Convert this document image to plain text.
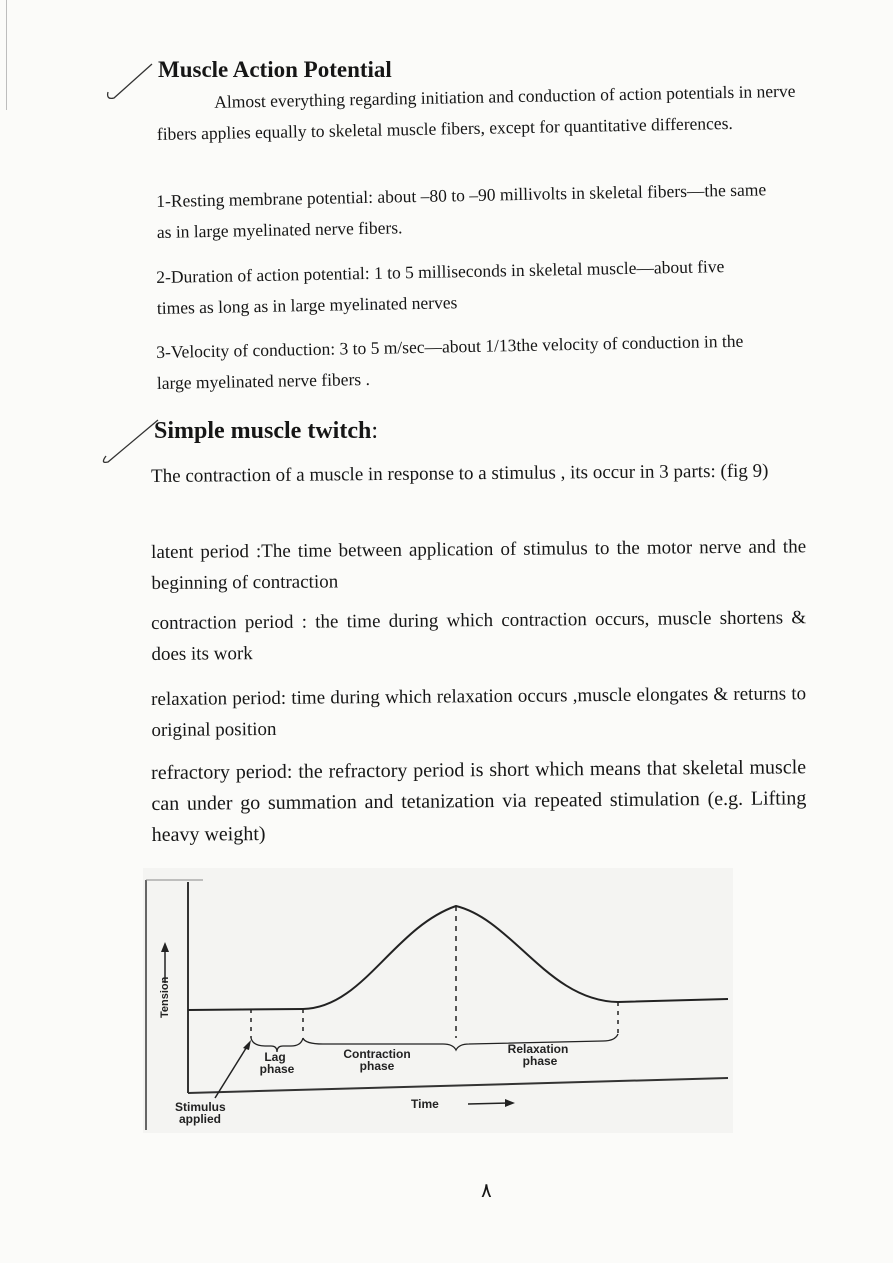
Muscle Action Potential

Almost everything regarding initiation and conduction of action potentials in nerve fibers applies equally to skeletal muscle fibers, except for quantitative differences.

1-Resting membrane potential: about –80 to –90 millivolts in skeletal fibers—the same as in large myelinated nerve fibers.

2-Duration of action potential: 1 to 5 milliseconds in skeletal muscle—about five times as long as in large myelinated nerves

3-Velocity of conduction: 3 to 5 m/sec—about 1/13the velocity of conduction in the large myelinated nerve fibers .

Simple muscle twitch:

The contraction of a muscle in response to a stimulus , its occur in 3 parts: (fig 9)

latent period :The time between application of stimulus to the motor nerve and the beginning of contraction

contraction period : the time during which contraction occurs, muscle shortens & does its work

relaxation period: time during which relaxation occurs ,muscle elongates & returns to original position

refractory period: the refractory period is short which means that skeletal muscle can under go summation and tetanization via repeated stimulation (e.g. Lifting heavy weight)

Tension
Lag
phase
Contraction
phase
Relaxation
phase
Stimulus
applied
Time
٨
